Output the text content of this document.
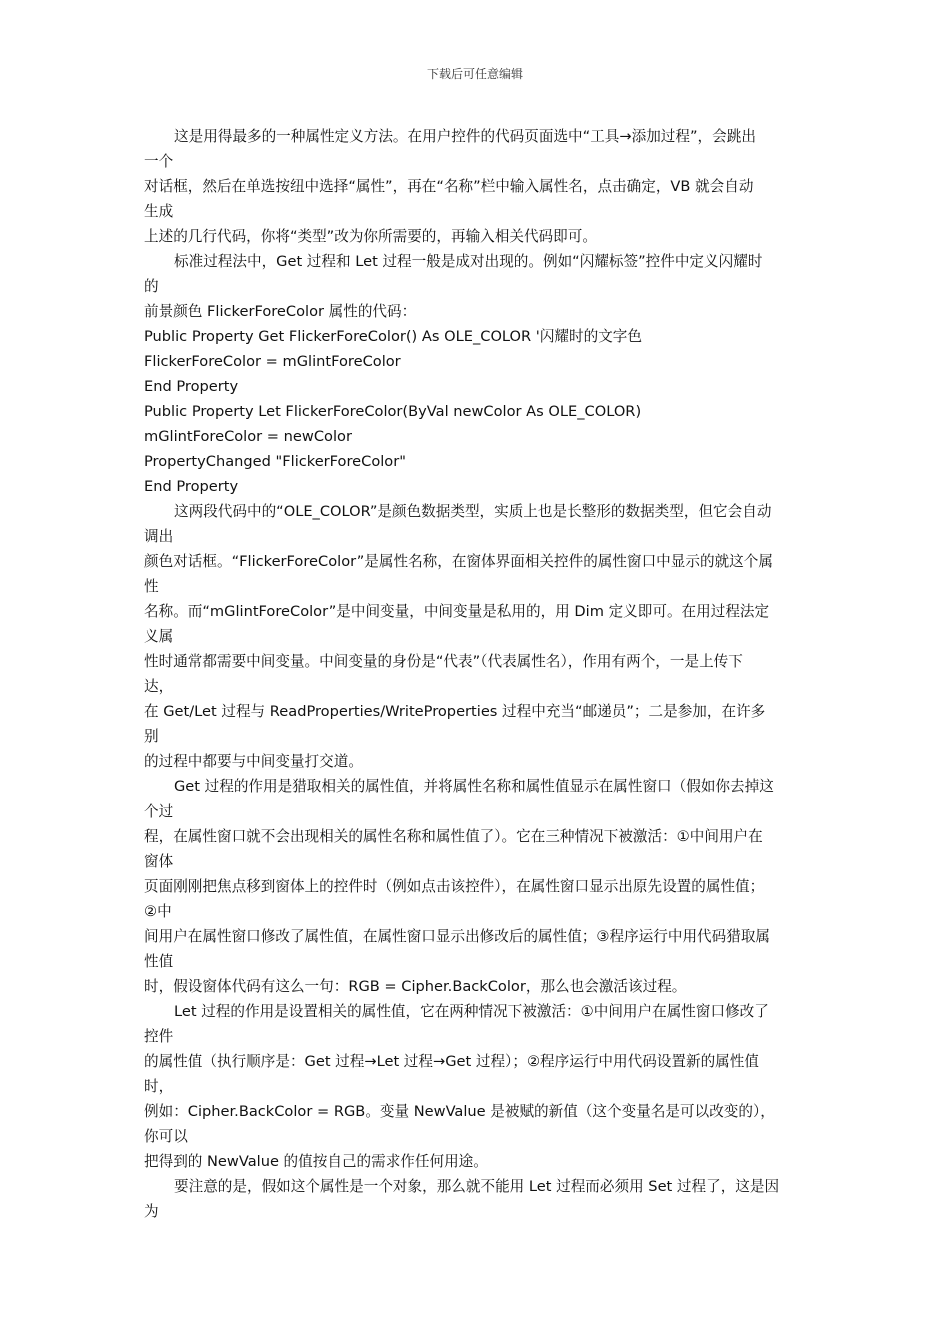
下载后可任意编辑
这是用得最多的一种属性定义方法。在用户控件的代码页面选中“工具→添加过程”，会跳出
一个
对话框，然后在单选按纽中选择“属性”，再在“名称”栏中输入属性名，点击确定，VB 就会自动
生成
上述的几行代码，你将“类型”改为你所需要的，再输入相关代码即可。
标准过程法中，Get 过程和 Let 过程一般是成对出现的。例如“闪耀标签”控件中定义闪耀时
的
前景颜色 FlickerForeColor 属性的代码：
Public Property Get FlickerForeColor() As OLE_COLOR '闪耀时的文字色
FlickerForeColor = mGlintForeColor
End Property
Public Property Let FlickerForeColor(ByVal newColor As OLE_COLOR)
mGlintForeColor = newColor
PropertyChanged "FlickerForeColor"
End Property
这两段代码中的“OLE_COLOR”是颜色数据类型，实质上也是长整形的数据类型，但它会自动
调出
颜色对话框。“FlickerForeColor”是属性名称，在窗体界面相关控件的属性窗口中显示的就这个属
性
名称。而“mGlintForeColor”是中间变量，中间变量是私用的，用 Dim 定义即可。在用过程法定
义属
性时通常都需要中间变量。中间变量的身份是“代表”（代表属性名），作用有两个，一是上传下
达，
在 Get/Let 过程与 ReadProperties/WriteProperties 过程中充当“邮递员”；二是参加，在许多
别
的过程中都要与中间变量打交道。
Get 过程的作用是猎取相关的属性值，并将属性名称和属性值显示在属性窗口（假如你去掉这
个过
程，在属性窗口就不会出现相关的属性名称和属性值了）。它在三种情况下被激活：①中间用户在
窗体
页面刚刚把焦点移到窗体上的控件时（例如点击该控件），在属性窗口显示出原先设置的属性值；
②中
间用户在属性窗口修改了属性值，在属性窗口显示出修改后的属性值；③程序运行中用代码猎取属
性值
时，假设窗体代码有这么一句：RGB = Cipher.BackColor，那么也会激活该过程。
Let 过程的作用是设置相关的属性值，它在两种情况下被激活：①中间用户在属性窗口修改了
控件
的属性值（执行顺序是：Get 过程→Let 过程→Get 过程）；②程序运行中用代码设置新的属性值
时，
例如：Cipher.BackColor = RGB。变量 NewValue 是被赋的新值（这个变量名是可以改变的），
你可以
把得到的 NewValue 的值按自己的需求作任何用途。
要注意的是，假如这个属性是一个对象，那么就不能用 Let 过程而必须用 Set 过程了，这是因
为
